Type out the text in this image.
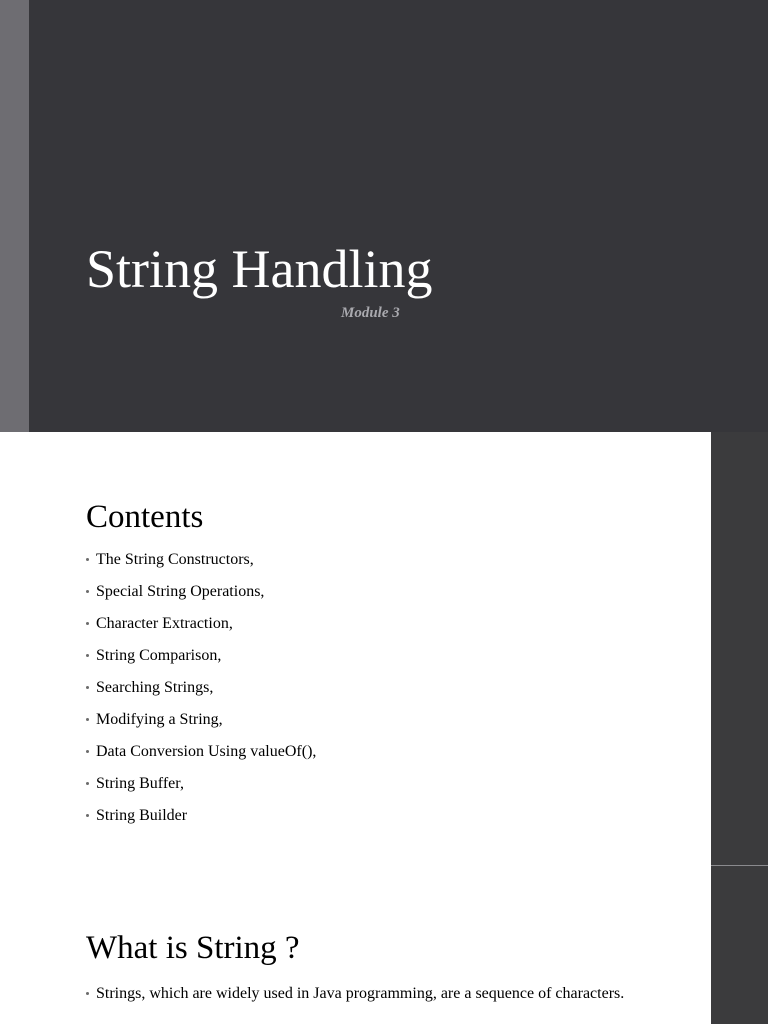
String Handling
Module 3
Contents
The String Constructors,
Special String Operations,
Character Extraction,
String Comparison,
Searching Strings,
Modifying a String,
Data Conversion Using valueOf(),
String Buffer,
String Builder
What is String ?
Strings, which are widely used in Java programming, are a sequence of characters.
